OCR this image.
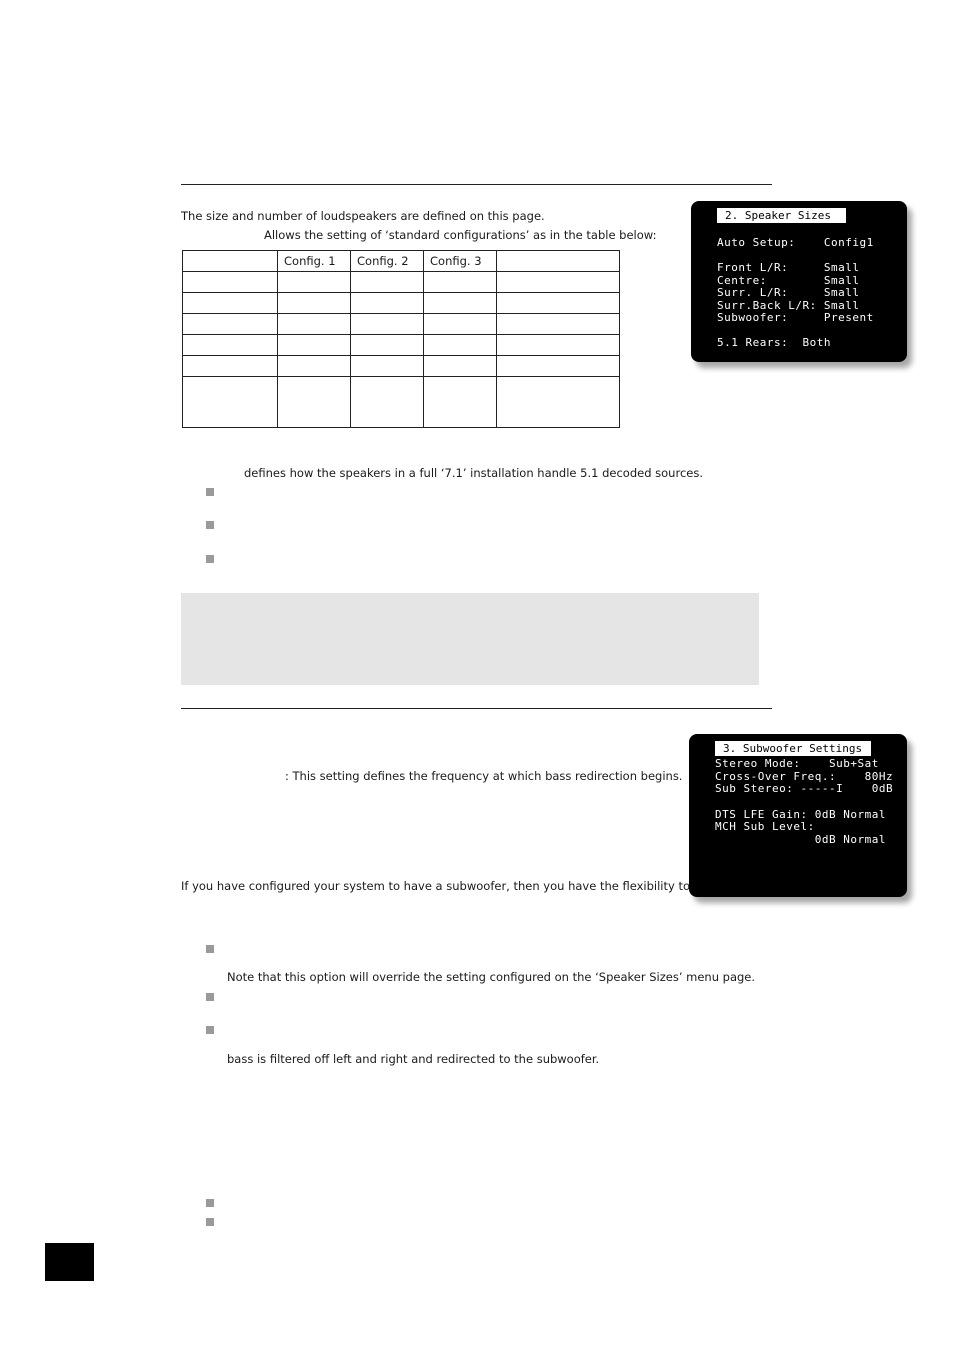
The size and number of loudspeakers are defined on this page.
Allows the setting of ‘standard configurations’ as in the table below:
	Config. 1	Config. 2	Config. 3	

2. Speaker Sizes
Auto Setup:    Config1
Front L/R:     Small
Centre:        Small
Surr. L/R:     Small
Surr.Back L/R: Small
Subwoofer:     Present
5.1 Rears:  Both
defines how the speakers in a full ‘7.1’ installation handle 5.1 decoded sources.
: This setting defines the frequency at which bass redirection begins.
3. Subwoofer Settings
Stereo Mode:    Sub+Sat
Cross-Over Freq.:    80Hz
Sub Stereo: -----I    0dB
DTS LFE Gain: 0dB Normal
MCH Sub Level:
0dB Normal
If you have configured your system to have a subwoofer, then you have the flexibility to
Note that this option will override the setting configured on the ‘Speaker Sizes’ menu page.
bass is filtered off left and right and redirected to the subwoofer.
